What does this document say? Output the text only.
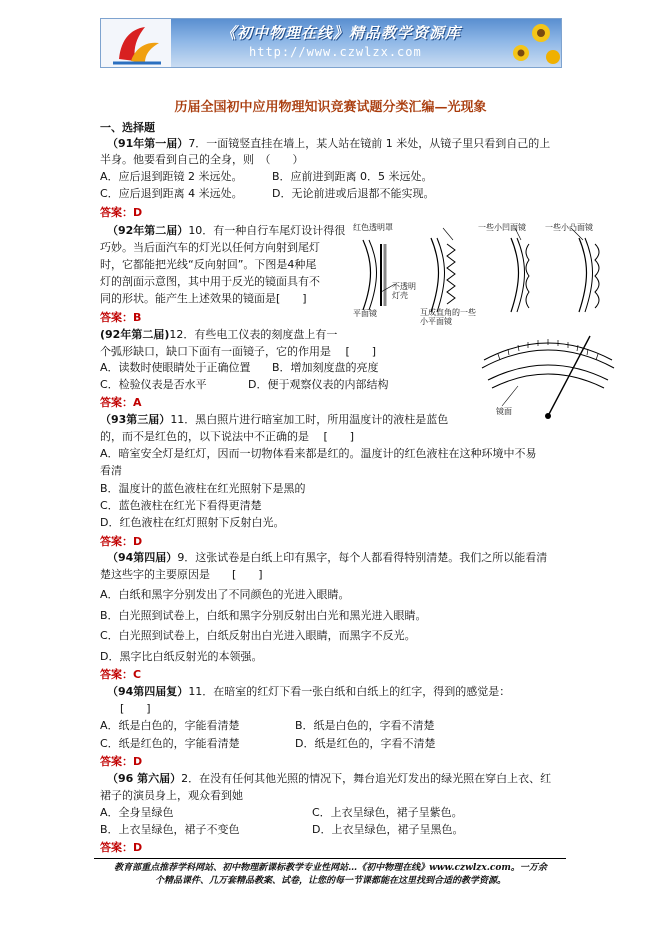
《初中物理在线》精品教学资源库
http://www.czwlzx.com
历届全国初中应用物理知识竞赛试题分类汇编—光现象
一、选择题
（91年第一届）7．一面镜竖直挂在墙上，某人站在镜前 1 米处，从镜子里只看到自己的上
半身。他要看到自己的全身，则　（　　）
A．应后退到距镜 2 米远处。	B．应前进到距离 0．5 米远处。
C．应后退到距离 4 米远处。	D．无论前进或后退都不能实现。
答案：D
（92年第二届）10．有一种自行车尾灯设计得很
巧妙。当后面汽车的灯光以任何方向射到尾灯
时，它都能把光线“反向射回”。下图是4种尾
灯的剖面示意图，其中用于反光的镜面具有不
同的形状。能产生上述效果的镜面是[　　]
答案：B
红色透明罩
平面镜
不透明灯壳
互成直角的一些小平面镜
一些小凹面镜 一些小凸面镜
(92年第二届)12．有些电工仪表的刻度盘上有一
个弧形缺口，缺口下面有一面镜子，它的作用是　 [　　]
A．读数时使眼睛处于正确位置 B．增加刻度盘的亮度
C．检验仪表是否水平	D．便于观察仪表的内部结构
答案：A
镜面
（93第三届）11．黑白照片进行暗室加工时，所用温度计的液柱是蓝色
的，而不是红色的，以下说法中不正确的是　 [　　]
A．暗室安全灯是红灯，因而一切物体看来都是红的。温度计的红色液柱在这种环境中不易
看清
B．温度计的蓝色液柱在红光照射下是黑的
C．蓝色液柱在红光下看得更清楚
D．红色液柱在红灯照射下反射白光。
答案：D
（94第四届）9．这张试卷是白纸上印有黑字，每个人都看得特别清楚。我们之所以能看清
楚这些字的主要原因是　　[　　]
A．白纸和黑字分别发出了不同颜色的光进入眼睛。
B．白光照到试卷上，白纸和黑字分别反射出白光和黑光进入眼睛。
C．白光照到试卷上，白纸反射出白光进入眼睛，而黑字不反光。
D．黑字比白纸反射光的本领强。
答案：C
（94第四届复）11．在暗室的红灯下看一张白纸和白纸上的红字，得到的感觉是：
[　　]
A．纸是白色的，字能看清楚	B．纸是白色的，字看不清楚
C．纸是红色的，字能看清楚	D．纸是红色的，字看不清楚
答案：D
（96 第六届）2．在没有任何其他光照的情况下，舞台追光灯发出的绿光照在穿白上衣、红
裙子的演员身上，观众看到她
A．全身呈绿色	C．上衣呈绿色，裙子呈紫色。
B．上衣呈绿色，裙子不变色	D．上衣呈绿色，裙子呈黑色。
答案：D
教育部重点推荐学科网站、初中物理新课标教学专业性网站…《初中物理在线》www.czwlzx.com。一万余
个精品课件、几万套精品教案、试卷，让您的每一节课都能在这里找到合适的教学资源。
